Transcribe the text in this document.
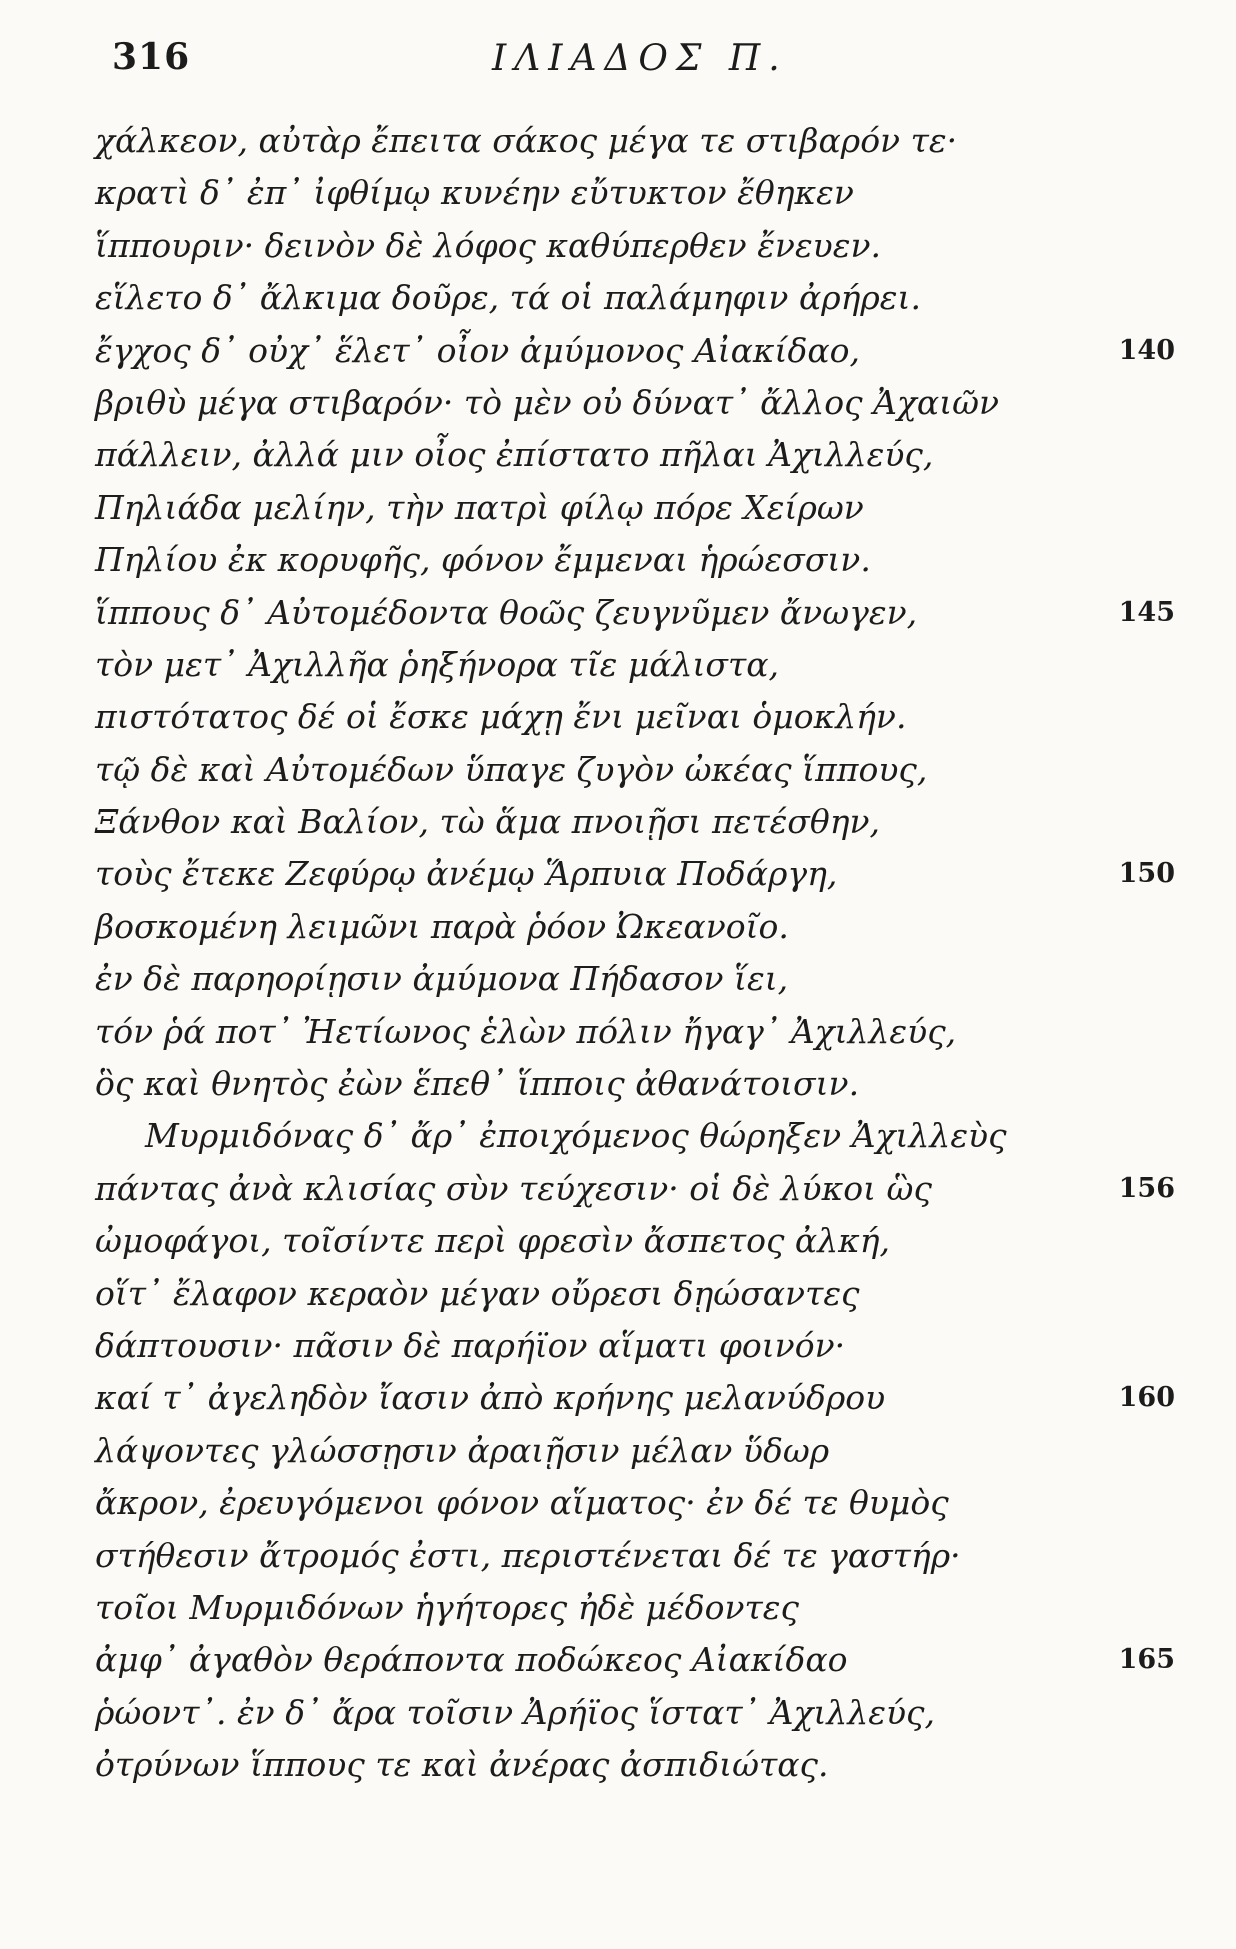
316	ΙΛΙΑΔΟΣ Π.
χάλκεον, αὐτὰρ ἔπειτα σάκος μέγα τε στιβαρόν τε·
κρατὶ δ᾽ ἐπ᾽ ἰφθίμῳ κυνέην εὔτυκτον ἔθηκεν
ἵππουριν· δεινὸν δὲ λόφος καθύπερθεν ἔνευεν.
εἵλετο δ᾽ ἄλκιμα δοῦρε, τά οἱ παλάμηφιν ἀρήρει.
ἔγχος δ᾽ οὐχ᾽ ἕλετ᾽ οἶον ἀμύμονος Αἰακίδαο,	140
βριθὺ μέγα στιβαρόν· τὸ μὲν οὐ δύνατ᾽ ἄλλος Ἀχαιῶν
πάλλειν, ἀλλά μιν οἶος ἐπίστατο πῆλαι Ἀχιλλεύς,
Πηλιάδα μελίην, τὴν πατρὶ φίλῳ πόρε Χείρων
Πηλίου ἐκ κορυφῆς, φόνον ἔμμεναι ἡρώεσσιν.
ἵππους δ᾽ Αὐτομέδοντα θοῶς ζευγνῦμεν ἄνωγεν,	145
τὸν μετ᾽ Ἀχιλλῆα ῥηξήνορα τῖε μάλιστα,
πιστότατος δέ οἱ ἔσκε μάχῃ ἔνι μεῖναι ὁμοκλήν.
τῷ δὲ καὶ Αὐτομέδων ὕπαγε ζυγὸν ὠκέας ἵππους,
Ξάνθον καὶ Βαλίον, τὼ ἅμα πνοιῇσι πετέσθην,
τοὺς ἔτεκε Ζεφύρῳ ἀνέμῳ Ἅρπυια Ποδάργη,	150
βοσκομένη λειμῶνι παρὰ ῥόον Ὠκεανοῖο.
ἐν δὲ παρηορίῃσιν ἀμύμονα Πήδασον ἵει,
τόν ῥά ποτ᾽ Ἠετίωνος ἑλὼν πόλιν ἤγαγ᾽ Ἀχιλλεύς,
ὃς καὶ θνητὸς ἐὼν ἕπεθ᾽ ἵπποις ἀθανάτοισιν.
Μυρμιδόνας δ᾽ ἄρ᾽ ἐποιχόμενος θώρηξεν Ἀχιλλεὺς
πάντας ἀνὰ κλισίας σὺν τεύχεσιν· οἱ δὲ λύκοι ὣς	156
ὠμοφάγοι, τοῖσίντε περὶ φρεσὶν ἄσπετος ἀλκή,
οἵτ᾽ ἔλαφον κεραὸν μέγαν οὔρεσι δῃώσαντες
δάπτουσιν· πᾶσιν δὲ παρήϊον αἵματι φοινόν·
καί τ᾽ ἀγεληδὸν ἴασιν ἀπὸ κρήνης μελανύδρου	160
λάψοντες γλώσσῃσιν ἀραιῇσιν μέλαν ὕδωρ
ἄκρον, ἐρευγόμενοι φόνον αἵματος· ἐν δέ τε θυμὸς
στήθεσιν ἄτρομός ἐστι, περιστένεται δέ τε γαστήρ·
τοῖοι Μυρμιδόνων ἡγήτορες ἠδὲ μέδοντες
ἀμφ᾽ ἀγαθὸν θεράποντα ποδώκεος Αἰακίδαο	165
ῥώοντ᾽. ἐν δ᾽ ἄρα τοῖσιν Ἀρήϊος ἵστατ᾽ Ἀχιλλεύς,
ὀτρύνων ἵππους τε καὶ ἀνέρας ἀσπιδιώτας.
